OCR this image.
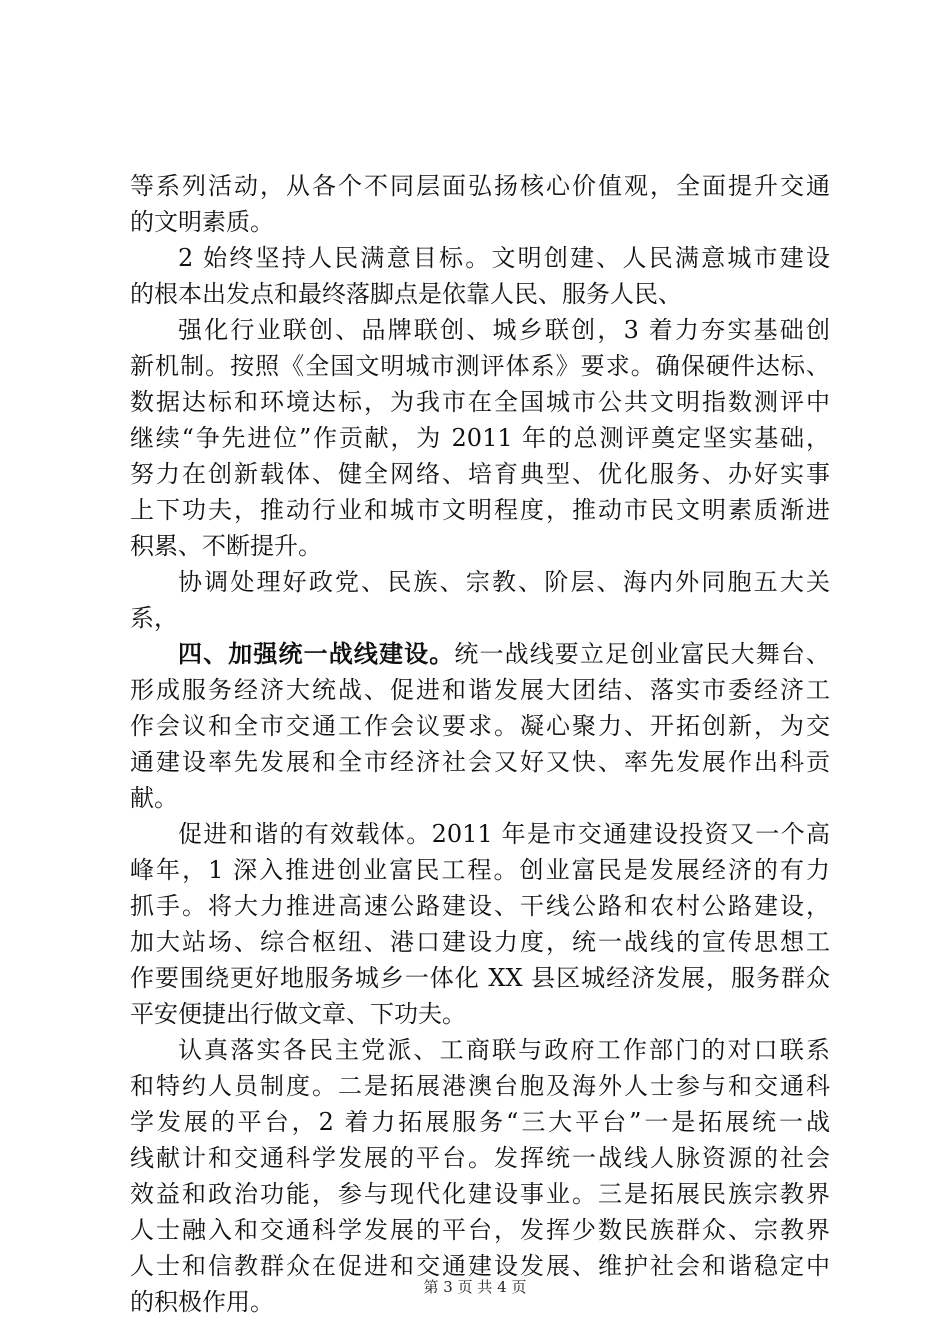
等系列活动，从各个不同层面弘扬核心价值观，全面提升交通
的文明素质。
2 始终坚持人民满意目标。文明创建、人民满意城市建设
的根本出发点和最终落脚点是依靠人民、服务人民、
强化行业联创、品牌联创、城乡联创，3 着力夯实基础创
新机制。按照《全国文明城市测评体系》要求。确保硬件达标、
数据达标和环境达标，为我市在全国城市公共文明指数测评中
继续“争先进位”作贡献，为 2011 年的总测评奠定坚实基础，
努力在创新载体、健全网络、培育典型、优化服务、办好实事
上下功夫，推动行业和城市文明程度，推动市民文明素质渐进
积累、不断提升。
协调处理好政党、民族、宗教、阶层、海内外同胞五大关
系，
四、加强统一战线建设。统一战线要立足创业富民大舞台、
形成服务经济大统战、促进和谐发展大团结、落实市委经济工
作会议和全市交通工作会议要求。凝心聚力、开拓创新，为交
通建设率先发展和全市经济社会又好又快、率先发展作出科贡
献。
促进和谐的有效载体。2011 年是市交通建设投资又一个高
峰年，1 深入推进创业富民工程。创业富民是发展经济的有力
抓手。将大力推进高速公路建设、干线公路和农村公路建设，
加大站场、综合枢纽、港口建设力度，统一战线的宣传思想工
作要围绕更好地服务城乡一体化 XX 县区城经济发展，服务群众
平安便捷出行做文章、下功夫。
认真落实各民主党派、工商联与政府工作部门的对口联系
和特约人员制度。二是拓展港澳台胞及海外人士参与和交通科
学发展的平台，2 着力拓展服务“三大平台”一是拓展统一战
线献计和交通科学发展的平台。发挥统一战线人脉资源的社会
效益和政治功能，参与现代化建设事业。三是拓展民族宗教界
人士融入和交通科学发展的平台，发挥少数民族群众、宗教界
人士和信教群众在促进和交通建设发展、维护社会和谐稳定中
的积极作用。
第 3 页 共 4 页
